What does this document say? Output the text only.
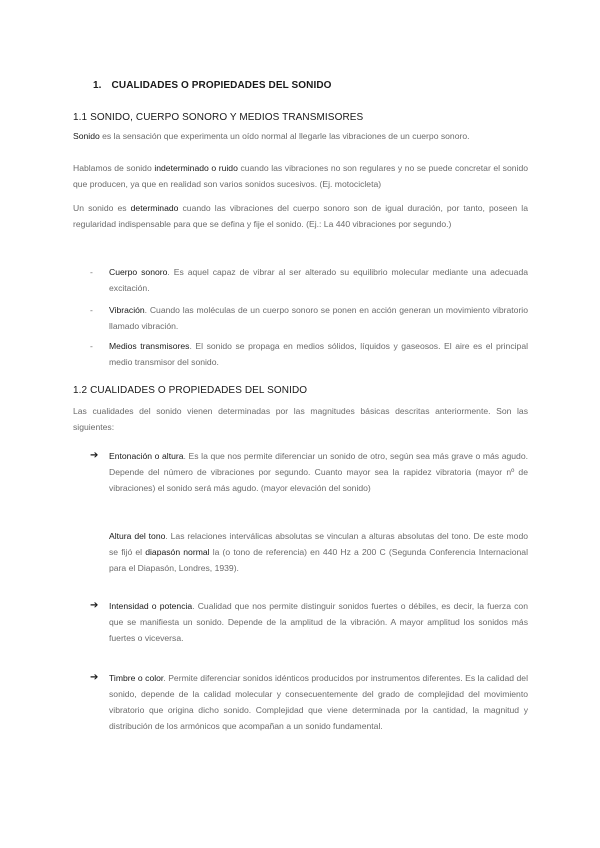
1. CUALIDADES O PROPIEDADES DEL SONIDO
1.1 SONIDO, CUERPO SONORO Y MEDIOS TRANSMISORES
Sonido es la sensación que experimenta un oído normal al llegarle las vibraciones de un cuerpo sonoro.
Hablamos de sonido indeterminado o ruido cuando las vibraciones no son regulares y no se puede concretar el sonido que producen, ya que en realidad son varios sonidos sucesivos. (Ej. motocicleta)
Un sonido es determinado cuando las vibraciones del cuerpo sonoro son de igual duración, por tanto, poseen la regularidad indispensable para que se defina y fije el sonido. (Ej.: La 440 vibraciones por segundo.)
- Cuerpo sonoro. Es aquel capaz de vibrar al ser alterado su equilibrio molecular mediante una adecuada excitación.
- Vibración. Cuando las moléculas de un cuerpo sonoro se ponen en acción generan un movimiento vibratorio llamado vibración.
- Medios transmisores. El sonido se propaga en medios sólidos, líquidos y gaseosos. El aire es el principal medio transmisor del sonido.
1.2 CUALIDADES O PROPIEDADES DEL SONIDO
Las cualidades del sonido vienen determinadas por las magnitudes básicas descritas anteriormente. Son las siguientes:
➔ Entonación o altura. Es la que nos permite diferenciar un sonido de otro, según sea más grave o más agudo. Depende del número de vibraciones por segundo. Cuanto mayor sea la rapidez vibratoria (mayor nº de vibraciones) el sonido será más agudo. (mayor elevación del sonido)
Altura del tono. Las relaciones interválicas absolutas se vinculan a alturas absolutas del tono. De este modo se fijó el diapasón normal la (o tono de referencia) en 440 Hz a 200 C (Segunda Conferencia Internacional para el Diapasón, Londres, 1939).
➔ Intensidad o potencia. Cualidad que nos permite distinguir sonidos fuertes o débiles, es decir, la fuerza con que se manifiesta un sonido. Depende de la amplitud de la vibración. A mayor amplitud los sonidos más fuertes o viceversa.
➔ Timbre o color. Permite diferenciar sonidos idénticos producidos por instrumentos diferentes. Es la calidad del sonido, depende de la calidad molecular y consecuentemente del grado de complejidad del movimiento vibratorio que origina dicho sonido. Complejidad que viene determinada por la cantidad, la magnitud y distribución de los armónicos que acompañan a un sonido fundamental.
